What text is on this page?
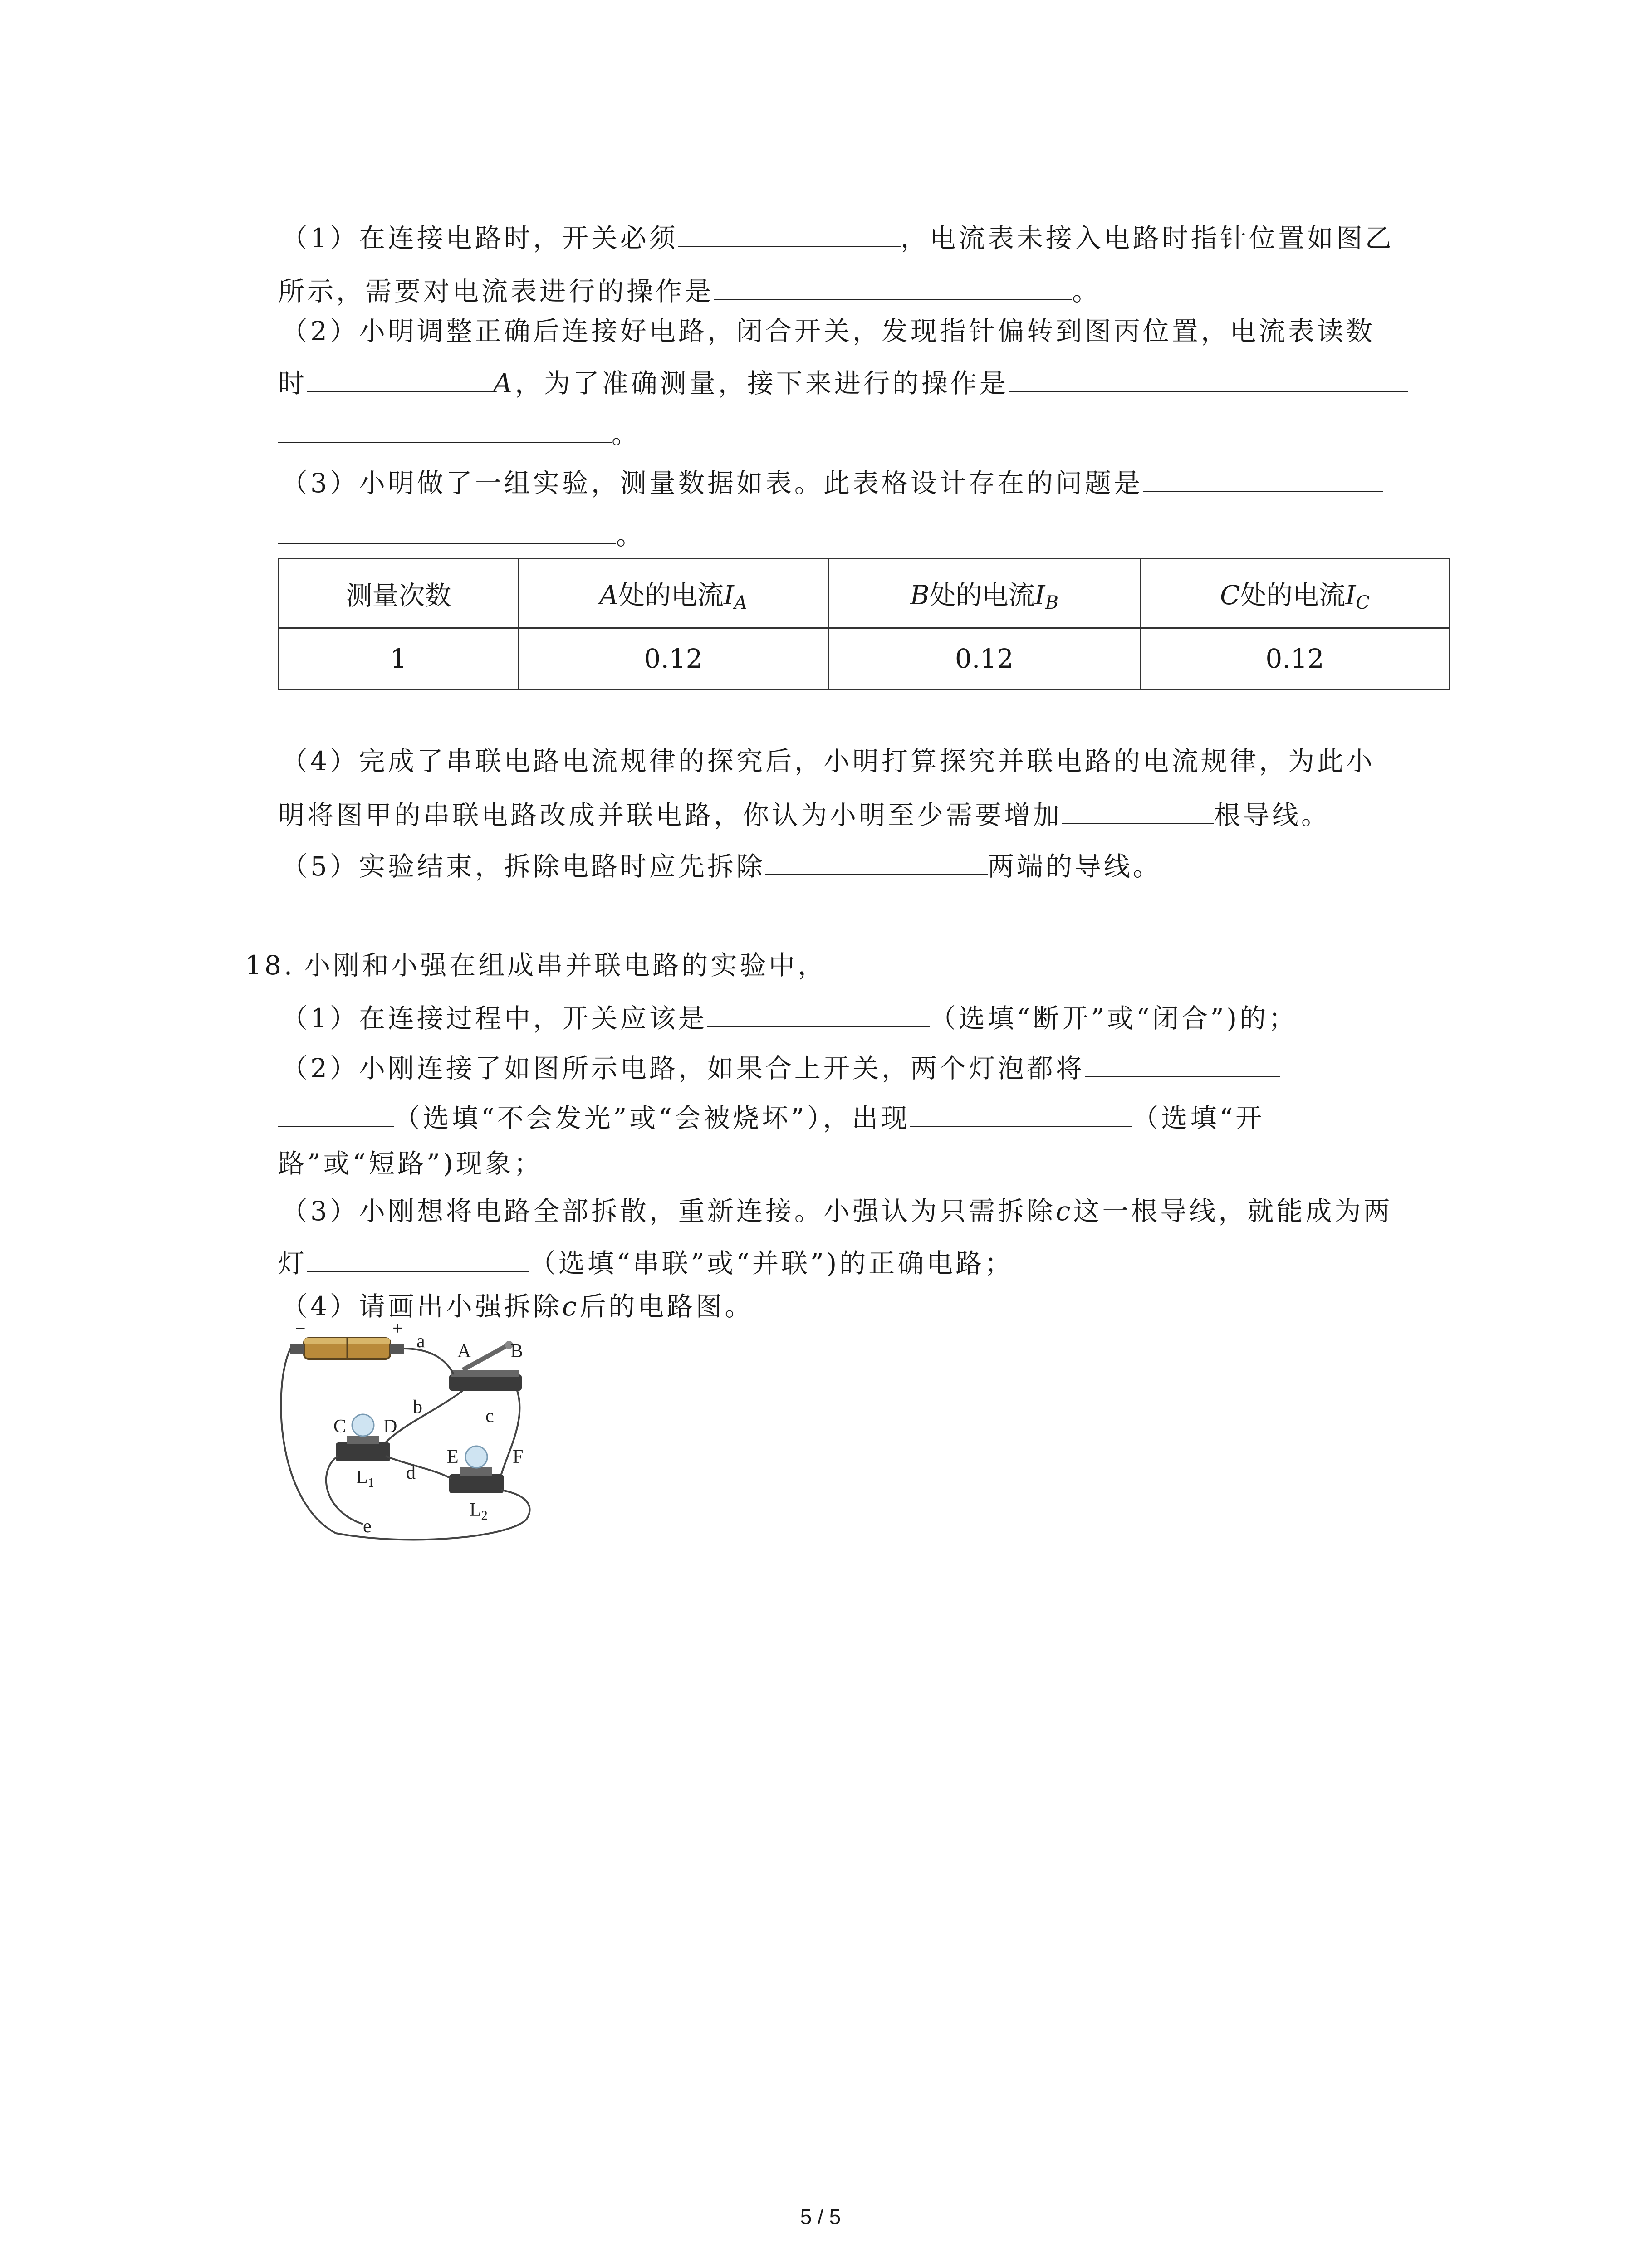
（1）在连接电路时，开关必须	，电流表未接入电路时指针位置如图乙
所示，需要对电流表进行的操作是	。
（2）小明调整正确后连接好电路，闭合开关，发现指针偏转到图丙位置，电流表读数
时	A，为了准确测量，接下来进行的操作是
。
（3）小明做了一组实验，测量数据如表。此表格设计存在的问题是
。
测量次数	A处的电流$I_A$	B处的电流$I_B$	C处的电流$I_C$
1	0.12	0.12	0.12
（4）完成了串联电路电流规律的探究后，小明打算探究并联电路的电流规律，为此小
明将图甲的串联电路改成并联电路，你认为小明至少需要增加	根导线。
（5）实验结束，拆除电路时应先拆除	两端的导线。
18. 小刚和小强在组成串并联电路的实验中，
（1）在连接过程中，开关应该是	（选填“断开”或“闭合”)的；
（2）小刚连接了如图所示电路，如果合上开关，两个灯泡都将
（选填“不会发光”或“会被烧坏”），出现	（选填“开
路”或“短路”)现象；
（3）小刚想将电路全部拆散，重新连接。小强认为只需拆除c这一根导线，就能成为两
灯	（选填“串联”或“并联”)的正确电路；
（4）请画出小强拆除c后的电路图。
−	+
a A B
C D
L1
E	F
L2
b	c
d
e
5 / 5
